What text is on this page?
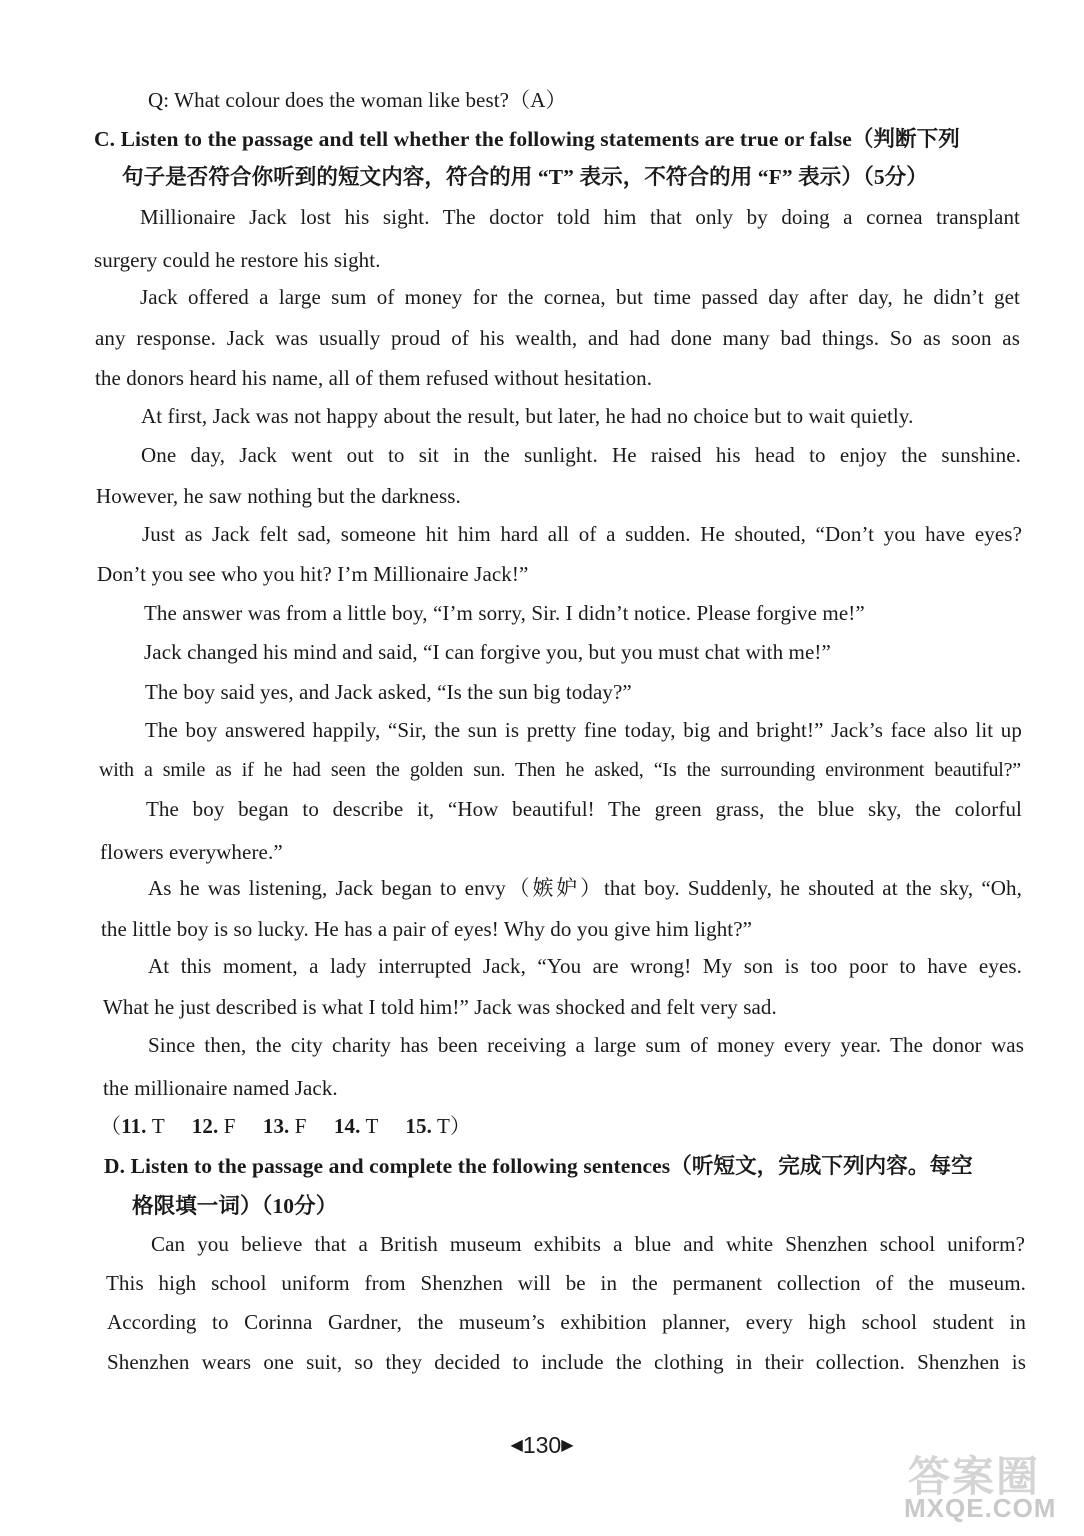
Q: What colour does the woman like best?（A）
C. Listen to the passage and tell whether the following statements are true or false（判断下列
句子是否符合你听到的短文内容，符合的用 “T” 表示，不符合的用 “F” 表示）（5分）
Millionaire Jack lost his sight. The doctor told him that only by doing a cornea transplant
surgery could he restore his sight.
Jack offered a large sum of money for the cornea, but time passed day after day, he didn’t get
any response. Jack was usually proud of his wealth, and had done many bad things. So as soon as
the donors heard his name, all of them refused without hesitation.
At first, Jack was not happy about the result, but later, he had no choice but to wait quietly.
One day, Jack went out to sit in the sunlight. He raised his head to enjoy the sunshine.
However, he saw nothing but the darkness.
Just as Jack felt sad, someone hit him hard all of a sudden. He shouted, “Don’t you have eyes?
Don’t you see who you hit? I’m Millionaire Jack!”
The answer was from a little boy, “I’m sorry, Sir. I didn’t notice. Please forgive me!”
Jack changed his mind and said, “I can forgive you, but you must chat with me!”
The boy said yes, and Jack asked, “Is the sun big today?”
The boy answered happily, “Sir, the sun is pretty fine today, big and bright!” Jack’s face also lit up
with a smile as if he had seen the golden sun. Then he asked, “Is the surrounding environment beautiful?”
The boy began to describe it, “How beautiful! The green grass, the blue sky, the colorful
flowers everywhere.”
As he was listening, Jack began to envy（嫉妒）that boy. Suddenly, he shouted at the sky, “Oh,
the little boy is so lucky. He has a pair of eyes! Why do you give him light?”
At this moment, a lady interrupted Jack, “You are wrong! My son is too poor to have eyes.
What he just described is what I told him!” Jack was shocked and felt very sad.
Since then, the city charity has been receiving a large sum of money every year. The donor was
the millionaire named Jack.
（11. T 12. F 13. F 14. T 15. T）
D. Listen to the passage and complete the following sentences（听短文，完成下列内容。每空
格限填一词）（10分）
Can you believe that a British museum exhibits a blue and white Shenzhen school uniform?
This high school uniform from Shenzhen will be in the permanent collection of the museum.
According to Corinna Gardner, the museum’s exhibition planner, every high school student in
Shenzhen wears one suit, so they decided to include the clothing in their collection. Shenzhen is
◀130▶
答案圈
MXQE.COM
